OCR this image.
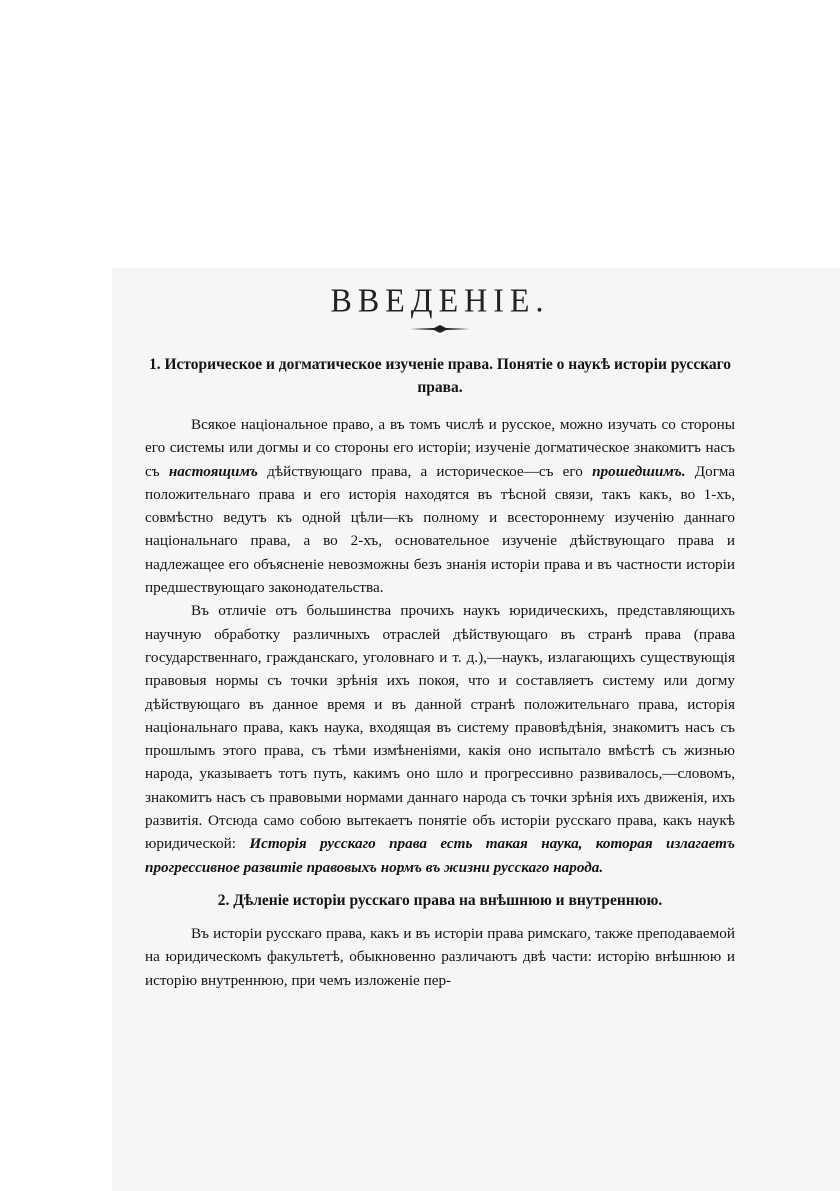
ВВЕДЕНIЕ.
1. Историческое и догматическое изученіе права. Понятіе о наукѣ исторіи русскаго права.

Всякое національное право, а въ томъ числѣ и русское, можно изучать со стороны его системы или догмы и со стороны его исторіи; изученіе догматическое знакомитъ насъ съ настоящимъ дѣйствующаго права, а историческое—съ его прошедшимъ. Догма положительнаго права и его исторія находятся въ тѣсной связи, такъ какъ, во 1-хъ, совмѣстно ведутъ къ одной цѣли—къ полному и всестороннему изученію даннаго національнаго права, а во 2-хъ, основательное изученіе дѣйствующаго права и надлежащее его объясненіе невозможны безъ знанія исторіи права и въ частности исторіи предшествующаго законодательства.

Въ отличіе отъ большинства прочихъ наукъ юридическихъ, представляющихъ научную обработку различныхъ отраслей дѣйствующаго въ странѣ права (права государственнаго, гражданскаго, уголовнаго и т. д.),—наукъ, излагающихъ существующія правовыя нормы съ точки зрѣнія ихъ покоя, что и составляетъ систему или догму дѣйствующаго въ данное время и въ данной странѣ положительнаго права, исторія національнаго права, какъ наука, входящая въ систему правовѣдѣнія, знакомитъ насъ съ прошлымъ этого права, съ тѣми измѣненіями, какія оно испытало вмѣстѣ съ жизнью народа, указываетъ тотъ путь, какимъ оно шло и прогрессивно развивалось,—словомъ, знакомитъ насъ съ правовыми нормами даннаго народа съ точки зрѣнія ихъ движенія, ихъ развитія. Отсюда само собою вытекаетъ понятіе объ исторіи русскаго права, какъ наукѣ юридической: Исторія русскаго права есть такая наука, которая излагаетъ прогрессивное развитіе правовыхъ нормъ въ жизни русскаго народа.

2. Дѣленіе исторіи русскаго права на внѣшнюю и внутреннюю.

Въ исторіи русскаго права, какъ и въ исторіи права римскаго, также преподаваемой на юридическомъ факультетѣ, обыкновенно различаютъ двѣ части: исторію внѣшнюю и исторію внутреннюю, при чемъ изложеніе пер-
